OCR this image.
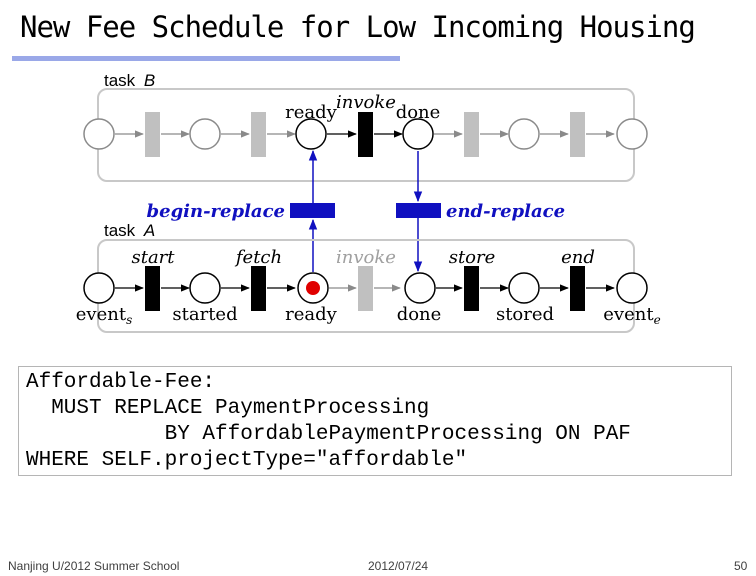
New Fee Schedule for Low Incoming Housing
task B
ready invoke done
begin-replace	end-replace
task A
start	fetch	invoke	store	end
event$_s$ started	ready	done	stored	event$_e$
Affordable-Fee:
MUST REPLACE PaymentProcessing
BY AffordablePaymentProcessing ON PAF
WHERE SELF.projectType="affordable"
Nanjing U/2012 Summer School	2012/07/24	50
